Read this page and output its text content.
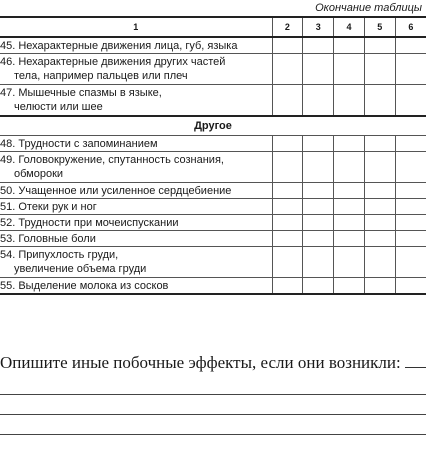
Окончание таблицы
1	2	3	4	5	6
45. Нехарактерные движения лица, губ, языка					
46. Нехарактерные движения других частей
тела, например пальцев или плеч					

47. Мышечные спазмы в языке,
челюсти или шее					

Другое					
48. Трудности с запоминанием					
49. Головокружение, спутанность сознания,
обмороки					

50. Учащенное или усиленное сердцебиение					
51. Отеки рук и ног					
52. Трудности при мочеиспускании					
53. Головные боли					
54. Припухлость груди,
увеличение объема груди					

55. Выделение молока из сосков					
Опишите иные побочные эффекты, если они возникли:
